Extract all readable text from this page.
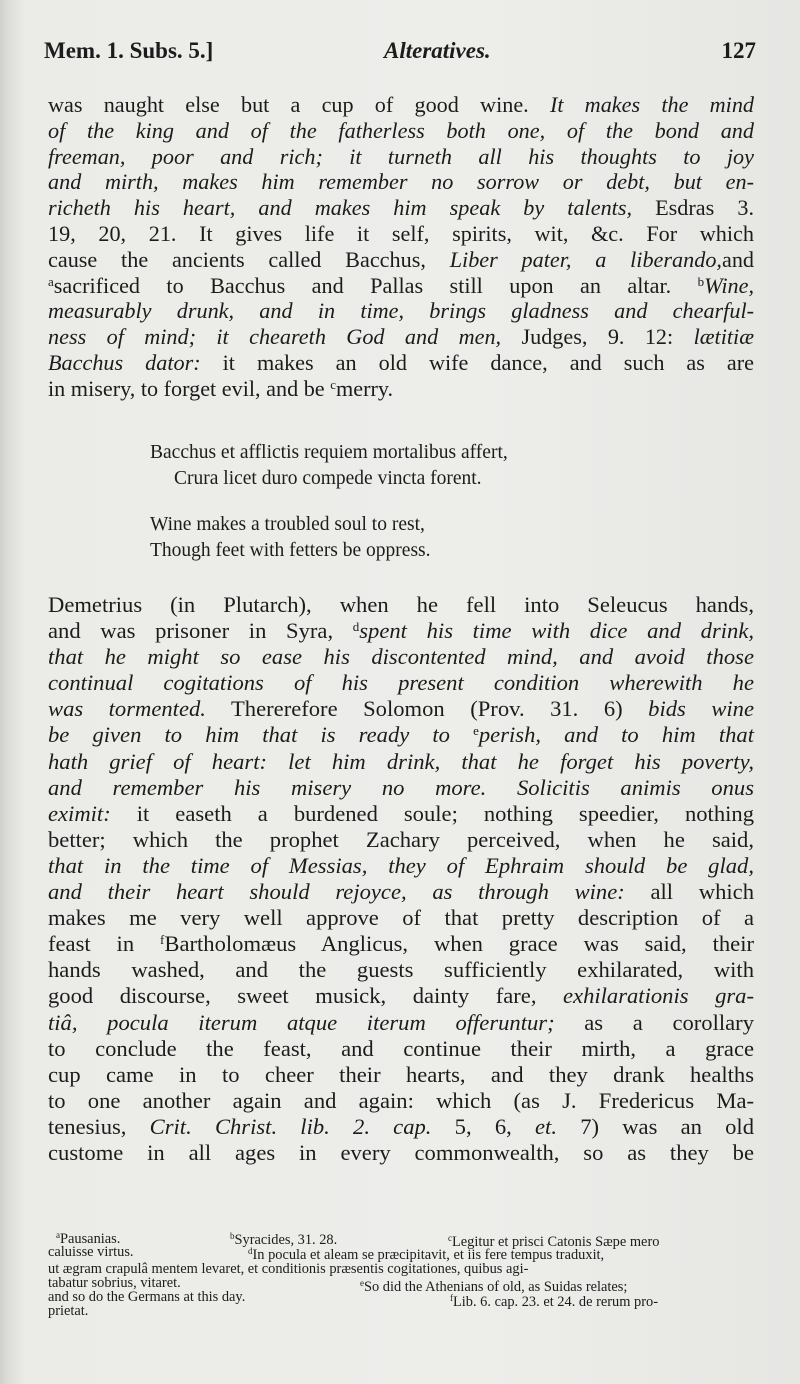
Mem. 1. Subs. 5.]	Alteratives.	127
was naught else but a cup of good wine. It makes the mind
of the king and of the fatherless both one, of the bond and
freeman, poor and rich; it turneth all his thoughts to joy
and mirth, makes him remember no sorrow or debt, but en-
richeth his heart, and makes him speak by talents, Esdras 3.
19, 20, 21. It gives life it self, spirits, wit, &c. For which
cause the ancients called Bacchus, Liber pater, a liberando,and
$^a$sacrificed to Bacchus and Pallas still upon an altar. $^b$Wine,
measurably drunk, and in time, brings gladness and chearful-
ness of mind; it cheareth God and men, Judges, 9. 12: lætitiæ
Bacchus dator: it makes an old wife dance, and such as are
in misery, to forget evil, and be $^c$merry.
Bacchus et afflictis requiem mortalibus affert,
Crura licet duro compede vincta forent.
Wine makes a troubled soul to rest,
Though feet with fetters be oppress.
Demetrius (in Plutarch), when he fell into Seleucus hands,
and was prisoner in Syra, $^d$spent his time with dice and drink,
that he might so ease his discontented mind, and avoid those
continual cogitations of his present condition wherewith he
was tormented. Thererefore Solomon (Prov. 31. 6) bids wine
be given to him that is ready to $^e$perish, and to him that
hath grief of heart: let him drink, that he forget his poverty,
and remember his misery no more. Solicitis animis onus
eximit: it easeth a burdened soule; nothing speedier, nothing
better; which the prophet Zachary perceived, when he said,
that in the time of Messias, they of Ephraim should be glad,
and their heart should rejoyce, as through wine: all which
makes me very well approve of that pretty description of a
feast in $^f$Bartholomæus Anglicus, when grace was said, their
hands washed, and the guests sufficiently exhilarated, with
good discourse, sweet musick, dainty fare, exhilarationis gra-
tiâ, pocula iterum atque iterum offeruntur; as a corollary
to conclude the feast, and continue their mirth, a grace
cup came in to cheer their hearts, and they drank healths
to one another again and again: which (as J. Fredericus Ma-
tenesius, Crit. Christ. lib. 2. cap. 5, 6, et. 7) was an old
custome in all ages in every commonwealth, so as they be
$^a$Pausanias.	$^b$Syracides, 31. 28.	$^c$Legitur et prisci Catonis Sæpe mero
caluisse virtus.	$^d$In pocula et aleam se præcipitavit, et iis fere tempus traduxit,
ut ægram crapulâ mentem levaret, et conditionis præsentis cogitationes, quibus agi-
tabatur sobrius, vitaret.	$^e$So did the Athenians of old, as Suidas relates;
and so do the Germans at this day.	$^f$Lib. 6. cap. 23. et 24. de rerum pro-
prietat.
